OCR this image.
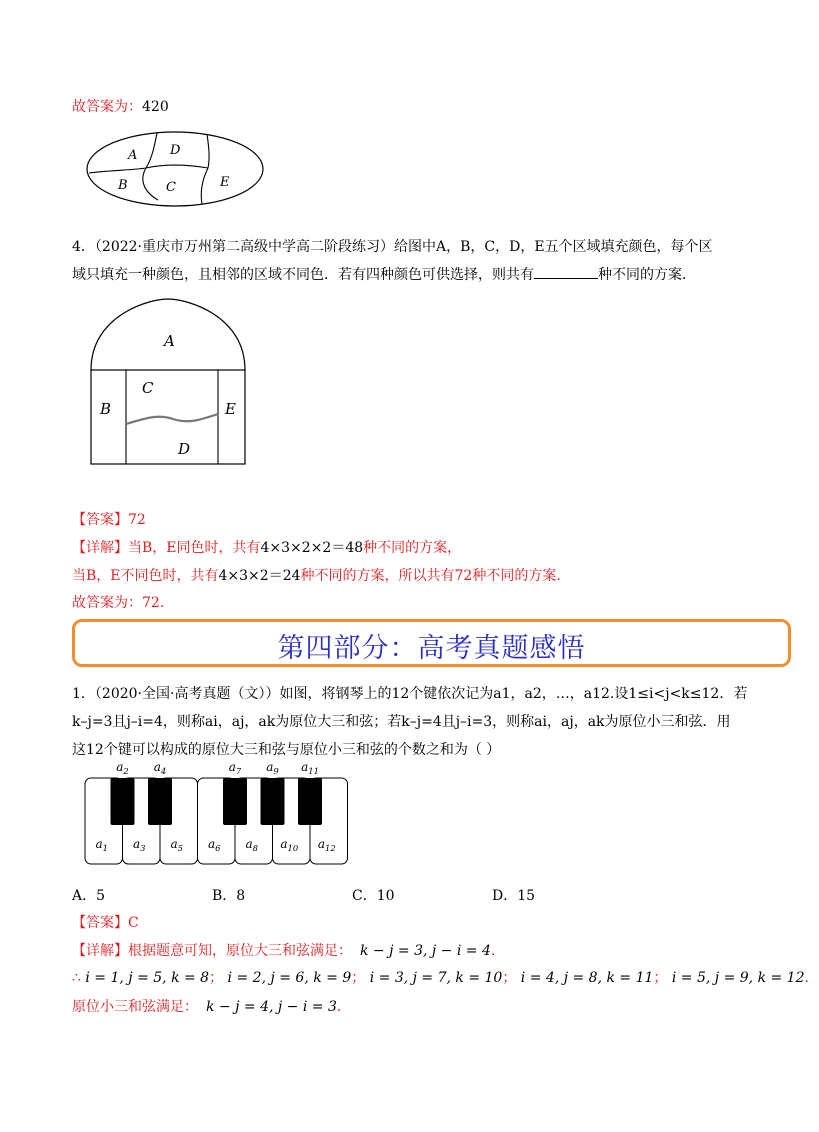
故答案为：420
A	D
B	C	E
4．（2022·重庆市万州第二高级中学高二阶段练习）给图中A，B，C，D，E五个区域填充颜色，每个区
域只填充一种颜色，且相邻的区域不同色．若有四种颜色可供选择，则共有	种不同的方案．
A
C
B	E
D
【答案】72
【详解】当B，E同色时，共有4×3×2×2＝48种不同的方案，
当B，E不同色时，共有4×3×2＝24种不同的方案，所以共有72种不同的方案.
故答案为：72.
第四部分：高考真题感悟
1．（2020·全国·高考真题（文））如图，将钢琴上的12个键依次记为a1，a2，…，a12.设1≤i<j<k≤12．若
k–j=3且j–i=4，则称ai，aj，ak为原位大三和弦；若k–j=4且j–i=3，则称ai，aj，ak为原位小三和弦．用
这12个键可以构成的原位大三和弦与原位小三和弦的个数之和为（ ）
$a_1$ $a_3$ $a_5$ $a_6$ $a_8$ $a_{10}$ $a_{12}$
$a_2$ $a_4$	$a_7$ $a_9$ $a_{11}$
A．5	B．8	C．10	D．15
【答案】C
【详解】根据题意可知，原位大三和弦满足： k − j = 3, j − i = 4.
∴ i = 1, j = 5, k = 8； i = 2, j = 6, k = 9； i = 3, j = 7, k = 10； i = 4, j = 8, k = 11； i = 5, j = 9, k = 12．
原位小三和弦满足： k − j = 4, j − i = 3．
